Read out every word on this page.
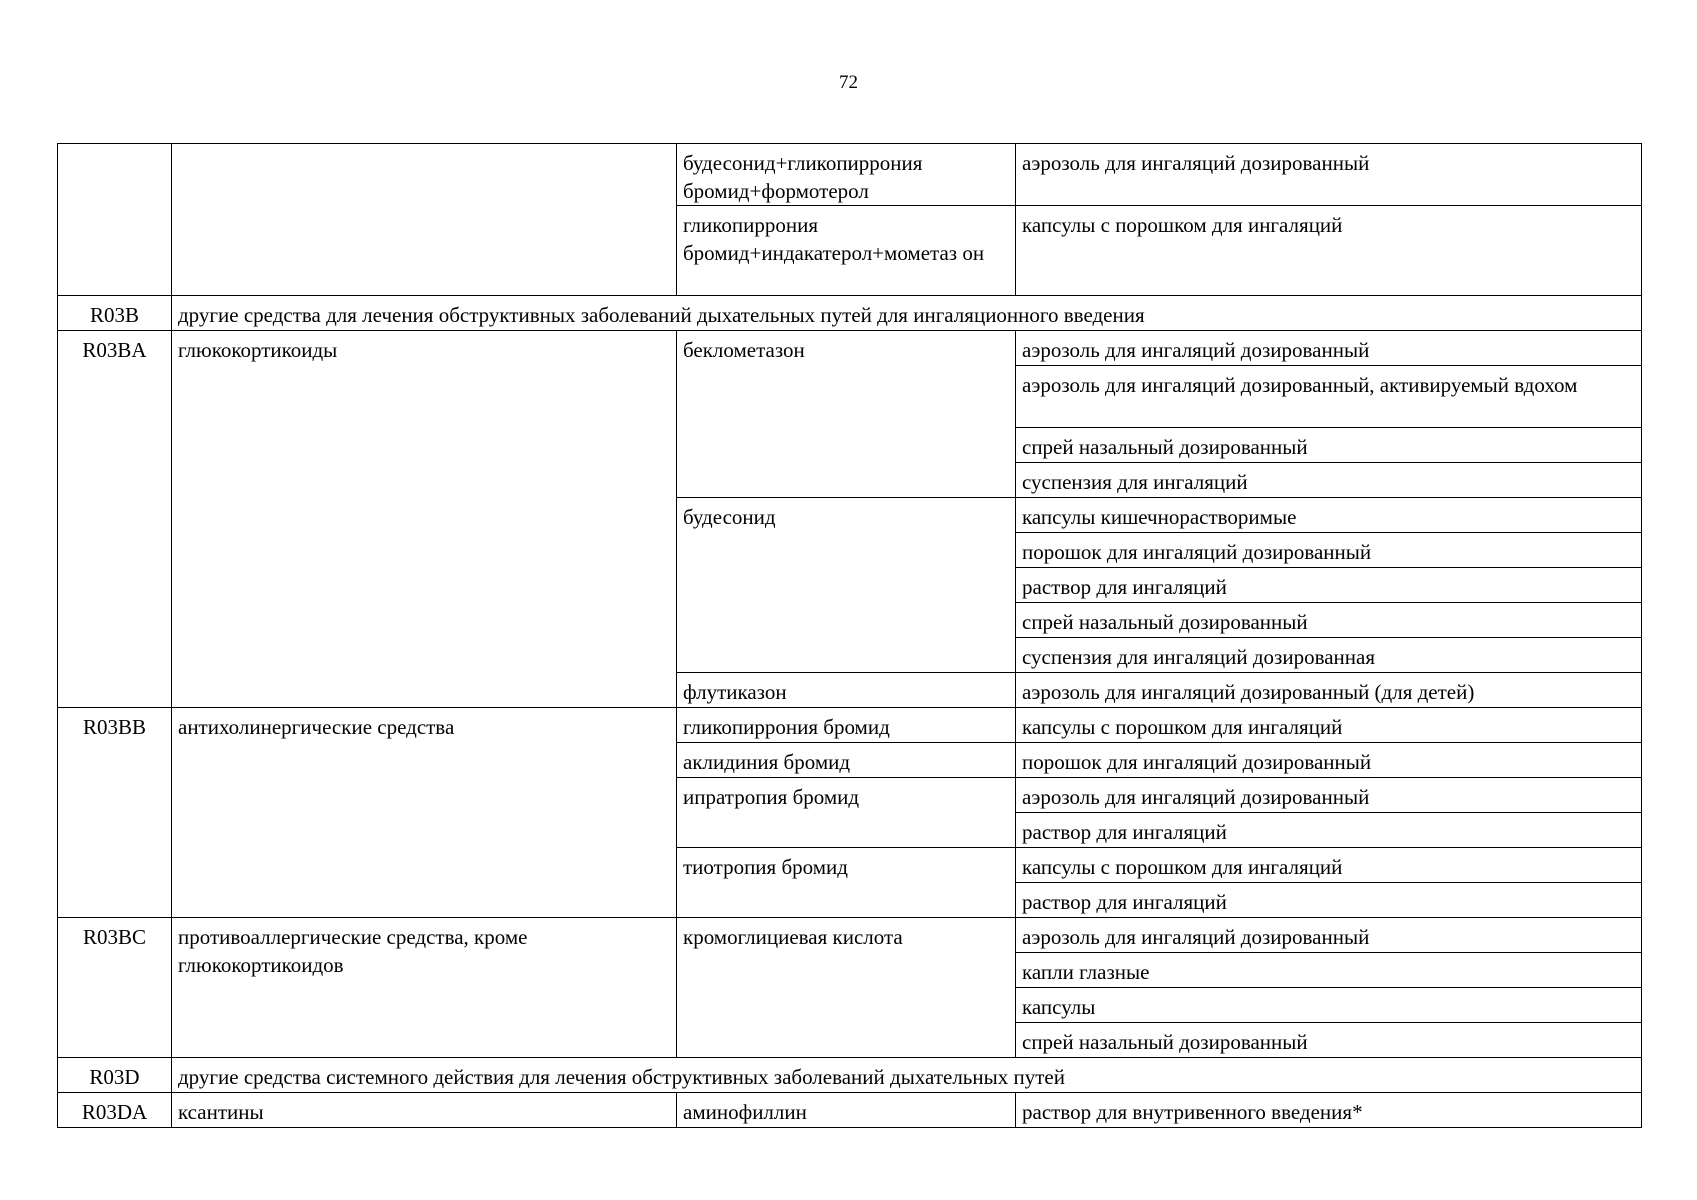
72
		будесонид+гликопиррония бромид+формотерол	аэрозоль для ингаляций дозированный
		гликопиррония бромид+индакатерол+мометаз он	капсулы с порошком для ингаляций
R03B	другие средства для лечения обструктивных заболеваний дыхательных путей для ингаляционного введения		
R03BA	глюкокортикоиды	беклометазон	аэрозоль для ингаляций дозированный
			аэрозоль для ингаляций дозированный, активируемый вдохом
			спрей назальный дозированный
			суспензия для ингаляций
		будесонид	капсулы кишечнорастворимые
			порошок для ингаляций дозированный
			раствор для ингаляций
			спрей назальный дозированный
			суспензия для ингаляций дозированная
		флутиказон	аэрозоль для ингаляций дозированный (для детей)
R03BB	антихолинергические средства	гликопиррония бромид	капсулы с порошком для ингаляций
		аклидиния бромид	порошок для ингаляций дозированный
		ипратропия бромид	аэрозоль для ингаляций дозированный
			раствор для ингаляций
		тиотропия бромид	капсулы с порошком для ингаляций
			раствор для ингаляций
R03BC	противоаллергические средства, кроме глюкокортикоидов	кромоглициевая кислота	аэрозоль для ингаляций дозированный
			капли глазные
			капсулы
			спрей назальный дозированный
R03D	другие средства системного действия для лечения обструктивных заболеваний дыхательных путей		
R03DA	ксантины	аминофиллин	раствор для внутривенного введения*
